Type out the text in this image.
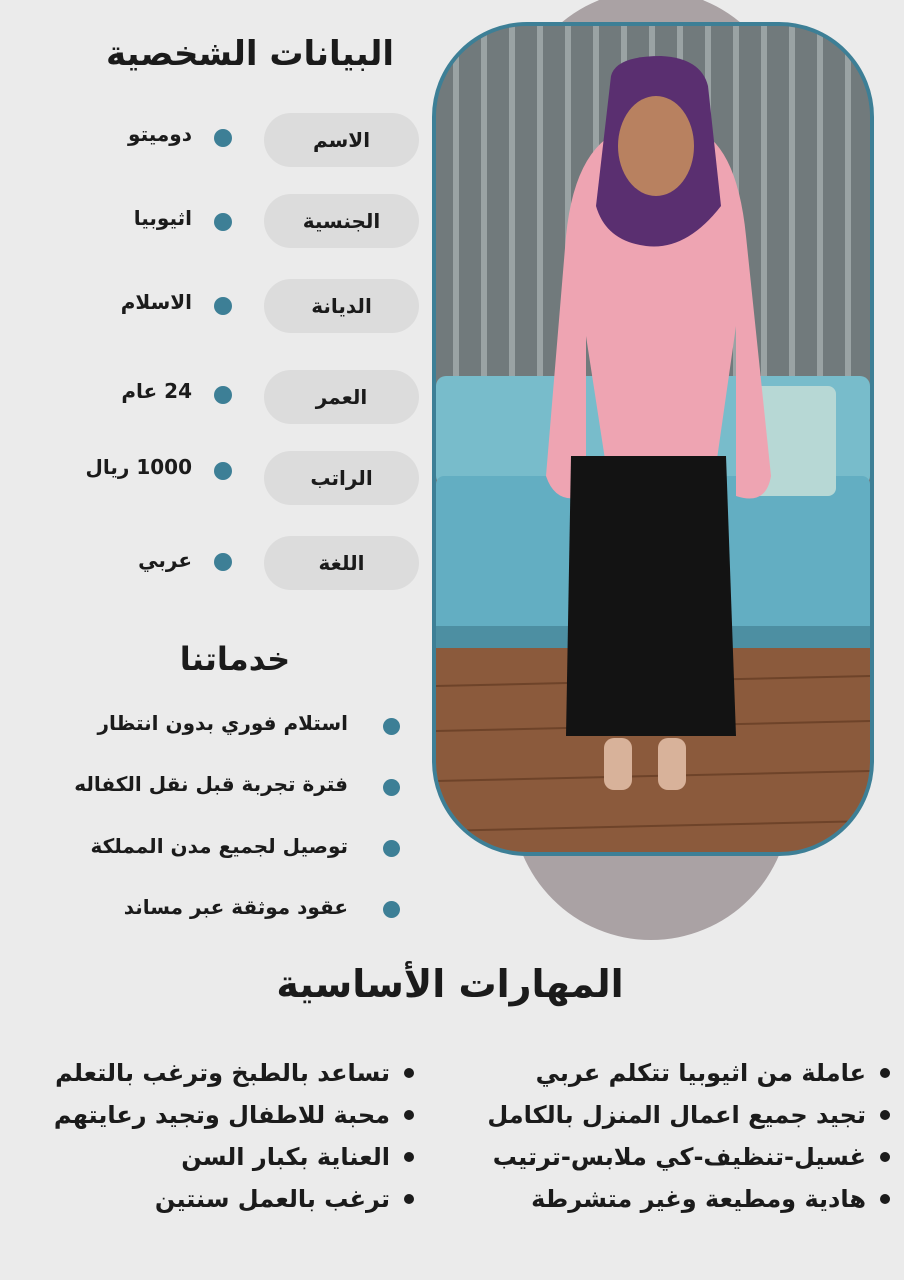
البيانات الشخصية
الاسم
دوميتو
الجنسية
اثيوبيا
الديانة
الاسلام
العمر
24 عام
الراتب
1000 ريال
اللغة
عربي
خدماتنا
استلام فوري بدون انتظار
فترة تجربة قبل نقل الكفاله
توصيل لجميع مدن المملكة
عقود موثقة عبر مساند
المهارات الأساسية
عاملة من اثيوبيا تتكلم عربي
تجيد جميع اعمال المنزل بالكامل
غسيل-تنظيف-كي ملابس-ترتيب
هادية ومطيعة وغير متشرطة
تساعد بالطبخ وترغب بالتعلم
محبة للاطفال وتجيد رعايتهم
العناية بكبار السن
ترغب بالعمل سنتين
